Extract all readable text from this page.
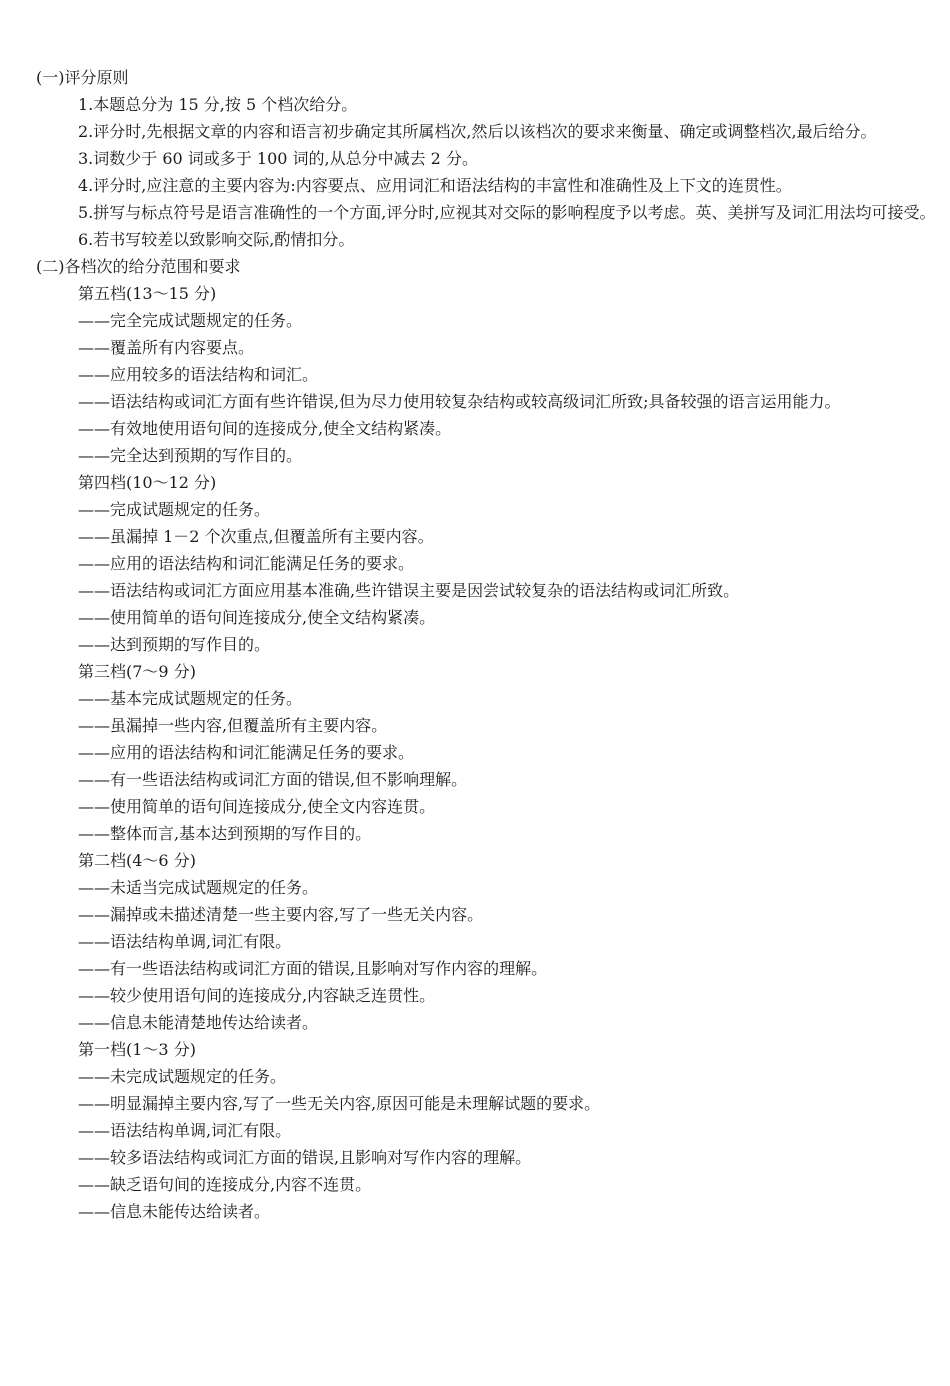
(一)评分原则
1.本题总分为 15 分,按 5 个档次给分。
2.评分时,先根据文章的内容和语言初步确定其所属档次,然后以该档次的要求来衡量、确定或调整档次,最后给分。
3.词数少于 60 词或多于 100 词的,从总分中减去 2 分。
4.评分时,应注意的主要内容为:内容要点、应用词汇和语法结构的丰富性和准确性及上下文的连贯性。
5.拼写与标点符号是语言准确性的一个方面,评分时,应视其对交际的影响程度予以考虑。英、美拼写及词汇用法均可接受。
6.若书写较差以致影响交际,酌情扣分。
(二)各档次的给分范围和要求
第五档(13～15 分)
——完全完成试题规定的任务。
——覆盖所有内容要点。
——应用较多的语法结构和词汇。
——语法结构或词汇方面有些许错误,但为尽力使用较复杂结构或较高级词汇所致;具备较强的语言运用能力。
——有效地使用语句间的连接成分,使全文结构紧凑。
——完全达到预期的写作目的。
第四档(10～12 分)
——完成试题规定的任务。
——虽漏掉 1－2 个次重点,但覆盖所有主要内容。
——应用的语法结构和词汇能满足任务的要求。
——语法结构或词汇方面应用基本准确,些许错误主要是因尝试较复杂的语法结构或词汇所致。
——使用简单的语句间连接成分,使全文结构紧凑。
——达到预期的写作目的。
第三档(7～9 分)
——基本完成试题规定的任务。
——虽漏掉一些内容,但覆盖所有主要内容。
——应用的语法结构和词汇能满足任务的要求。
——有一些语法结构或词汇方面的错误,但不影响理解。
——使用简单的语句间连接成分,使全文内容连贯。
——整体而言,基本达到预期的写作目的。
第二档(4～6 分)
——未适当完成试题规定的任务。
——漏掉或未描述清楚一些主要内容,写了一些无关内容。
——语法结构单调,词汇有限。
——有一些语法结构或词汇方面的错误,且影响对写作内容的理解。
——较少使用语句间的连接成分,内容缺乏连贯性。
——信息未能清楚地传达给读者。
第一档(1～3 分)
——未完成试题规定的任务。
——明显漏掉主要内容,写了一些无关内容,原因可能是未理解试题的要求。
——语法结构单调,词汇有限。
——较多语法结构或词汇方面的错误,且影响对写作内容的理解。
——缺乏语句间的连接成分,内容不连贯。
——信息未能传达给读者。
